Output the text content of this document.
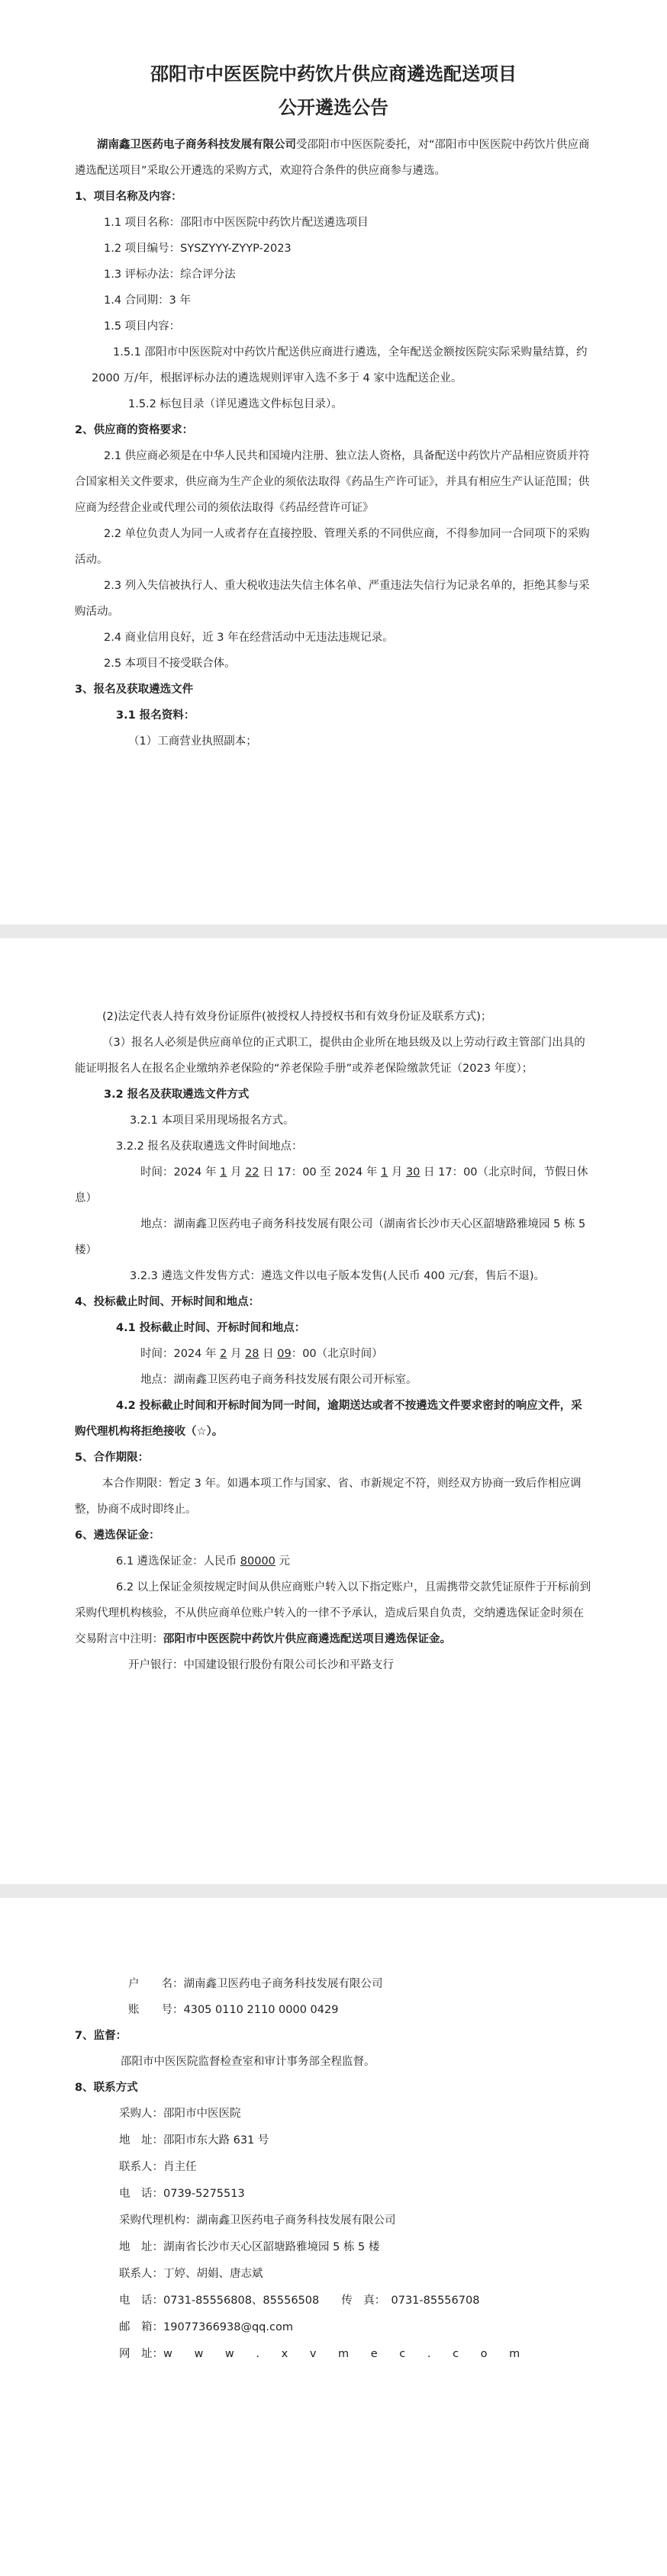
邵阳市中医医院中药饮片供应商遴选配送项目
公开遴选公告

湖南鑫卫医药电子商务科技发展有限公司受邵阳市中医医院委托，对“邵阳市中医医院中药饮片供应商遴选配送项目”采取公开遴选的采购方式，欢迎符合条件的供应商参与遴选。

1、项目名称及内容：

1.1 项目名称：邵阳市中医医院中药饮片配送遴选项目

1.2 项目编号：SYSZYYY-ZYYP-2023

1.3 评标办法：综合评分法

1.4 合同期：3 年

1.5 项目内容：

1.5.1 邵阳市中医医院对中药饮片配送供应商进行遴选，全年配送金额按医院实际采购量结算，约 2000 万/年，根据评标办法的遴选规则评审入选不多于 4 家中选配送企业。

1.5.2 标包目录（详见遴选文件标包目录）。

2、供应商的资格要求：

2.1 供应商必须是在中华人民共和国境内注册、独立法人资格，具备配送中药饮片产品相应资质并符合国家相关文件要求，供应商为生产企业的须依法取得《药品生产许可证》，并具有相应生产认证范围；供应商为经营企业或代理公司的须依法取得《药品经营许可证》

2.2 单位负责人为同一人或者存在直接控股、管理关系的不同供应商，不得参加同一合同项下的采购活动。

2.3 列入失信被执行人、重大税收违法失信主体名单、严重违法失信行为记录名单的，拒绝其参与采购活动。

2.4 商业信用良好，近 3 年在经营活动中无违法违规记录。

2.5 本项目不接受联合体。

3、报名及获取遴选文件

3.1 报名资料：

（1）工商营业执照副本；

(2)法定代表人持有效身份证原件(被授权人持授权书和有效身份证及联系方式)；

（3）报名人必须是供应商单位的正式职工，提供由企业所在地县级及以上劳动行政主管部门出具的能证明报名人在报名企业缴纳养老保险的“养老保险手册”或养老保险缴款凭证（2023 年度）；

3.2 报名及获取遴选文件方式

3.2.1 本项目采用现场报名方式。

3.2.2 报名及获取遴选文件时间地点：

时间：2024 年 1 月 22 日 17：00 至 2024 年 1 月 30 日 17：00（北京时间，节假日休息）

地点：湖南鑫卫医药电子商务科技发展有限公司（湖南省长沙市天心区韶塘路雅境园 5 栋 5 楼）

3.2.3 遴选文件发售方式：遴选文件以电子版本发售(人民币 400 元/套，售后不退)。

4、投标截止时间、开标时间和地点：

4.1 投标截止时间、开标时间和地点：

时间：2024 年 2 月 28 日 09：00（北京时间）

地点：湖南鑫卫医药电子商务科技发展有限公司开标室。

4.2 投标截止时间和开标时间为同一时间，逾期送达或者不按遴选文件要求密封的响应文件，采购代理机构将拒绝接收（☆）。

5、合作期限：

本合作期限：暂定 3 年。如遇本项工作与国家、省、市新规定不符，则经双方协商一致后作相应调整，协商不成时即终止。

6、遴选保证金：

6.1 遴选保证金：人民币 80000 元

6.2 以上保证金须按规定时间从供应商账户转入以下指定账户，且需携带交款凭证原件于开标前到采购代理机构核验，不从供应商单位账户转入的一律不予承认，造成后果自负责，交纳遴选保证金时须在交易附言中注明：邵阳市中医医院中药饮片供应商遴选配送项目遴选保证金。

开户银行：中国建设银行股份有限公司长沙和平路支行

户　　名：湖南鑫卫医药电子商务科技发展有限公司

账　　号：4305 0110 2110 0000 0429

7、监督：

邵阳市中医医院监督检查室和审计事务部全程监督。

8、联系方式

采购人：邵阳市中医医院

地　址：邵阳市东大路 631 号

联系人：肖主任

电　话：0739-5275513

采购代理机构：湖南鑫卫医药电子商务科技发展有限公司

地　址：湖南省长沙市天心区韶塘路雅境园 5 栋 5 楼

联系人：丁婷、胡娟、唐志斌

电　话：0731-85556808、85556508　　传　真：　0731-85556708

邮　箱：19077366938@qq.com

网　址：w w w . x v m e c . c o m
